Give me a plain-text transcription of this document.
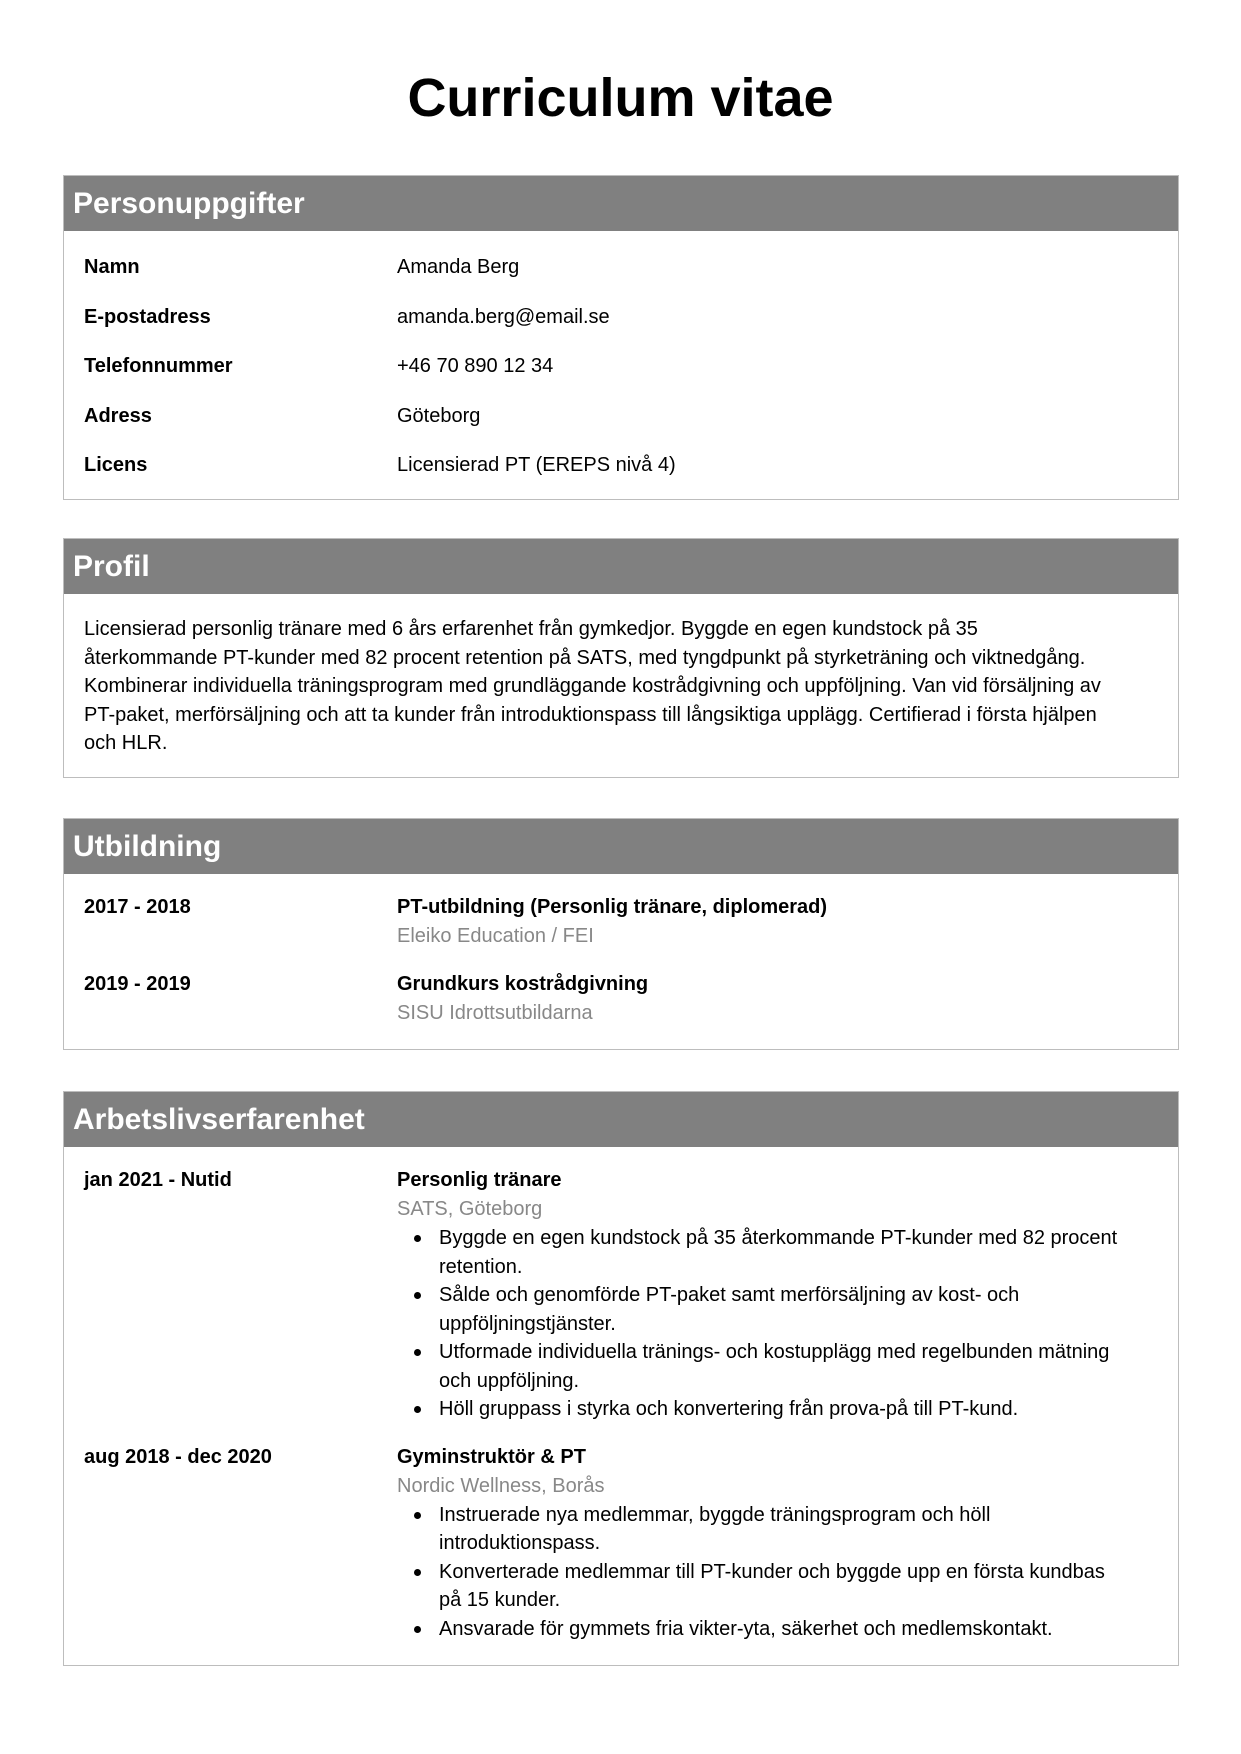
Curriculum vitae
Personuppgifter
Namn	Amanda Berg
E-postadress	amanda.berg@email.se
Telefonnummer	+46 70 890 12 34
Adress	Göteborg
Licens	Licensierad PT (EREPS nivå 4)
Profil
Licensierad personlig tränare med 6 års erfarenhet från gymkedjor. Byggde en egen kundstock på 35
återkommande PT-kunder med 82 procent retention på SATS, med tyngdpunkt på styrketräning och viktnedgång.
Kombinerar individuella träningsprogram med grundläggande kostrådgivning och uppföljning. Van vid försäljning av
PT-paket, merförsäljning och att ta kunder från introduktionspass till långsiktiga upplägg. Certifierad i första hjälpen
och HLR.
Utbildning
2017 - 2018	PT-utbildning (Personlig tränare, diplomerad)
Eleiko Education / FEI
2019 - 2019	Grundkurs kostrådgivning
SISU Idrottsutbildarna
Arbetslivserfarenhet
jan 2021 - Nutid	Personlig tränare
SATS, Göteborg
Byggde en egen kundstock på 35 återkommande PT-kunder med 82 procent
retention.
Sålde och genomförde PT-paket samt merförsäljning av kost- och
uppföljningstjänster.
Utformade individuella tränings- och kostupplägg med regelbunden mätning
och uppföljning.
Höll gruppass i styrka och konvertering från prova-på till PT-kund.
aug 2018 - dec 2020	Gyminstruktör & PT
Nordic Wellness, Borås
Instruerade nya medlemmar, byggde träningsprogram och höll
introduktionspass.
Konverterade medlemmar till PT-kunder och byggde upp en första kundbas
på 15 kunder.
Ansvarade för gymmets fria vikter-yta, säkerhet och medlemskontakt.
